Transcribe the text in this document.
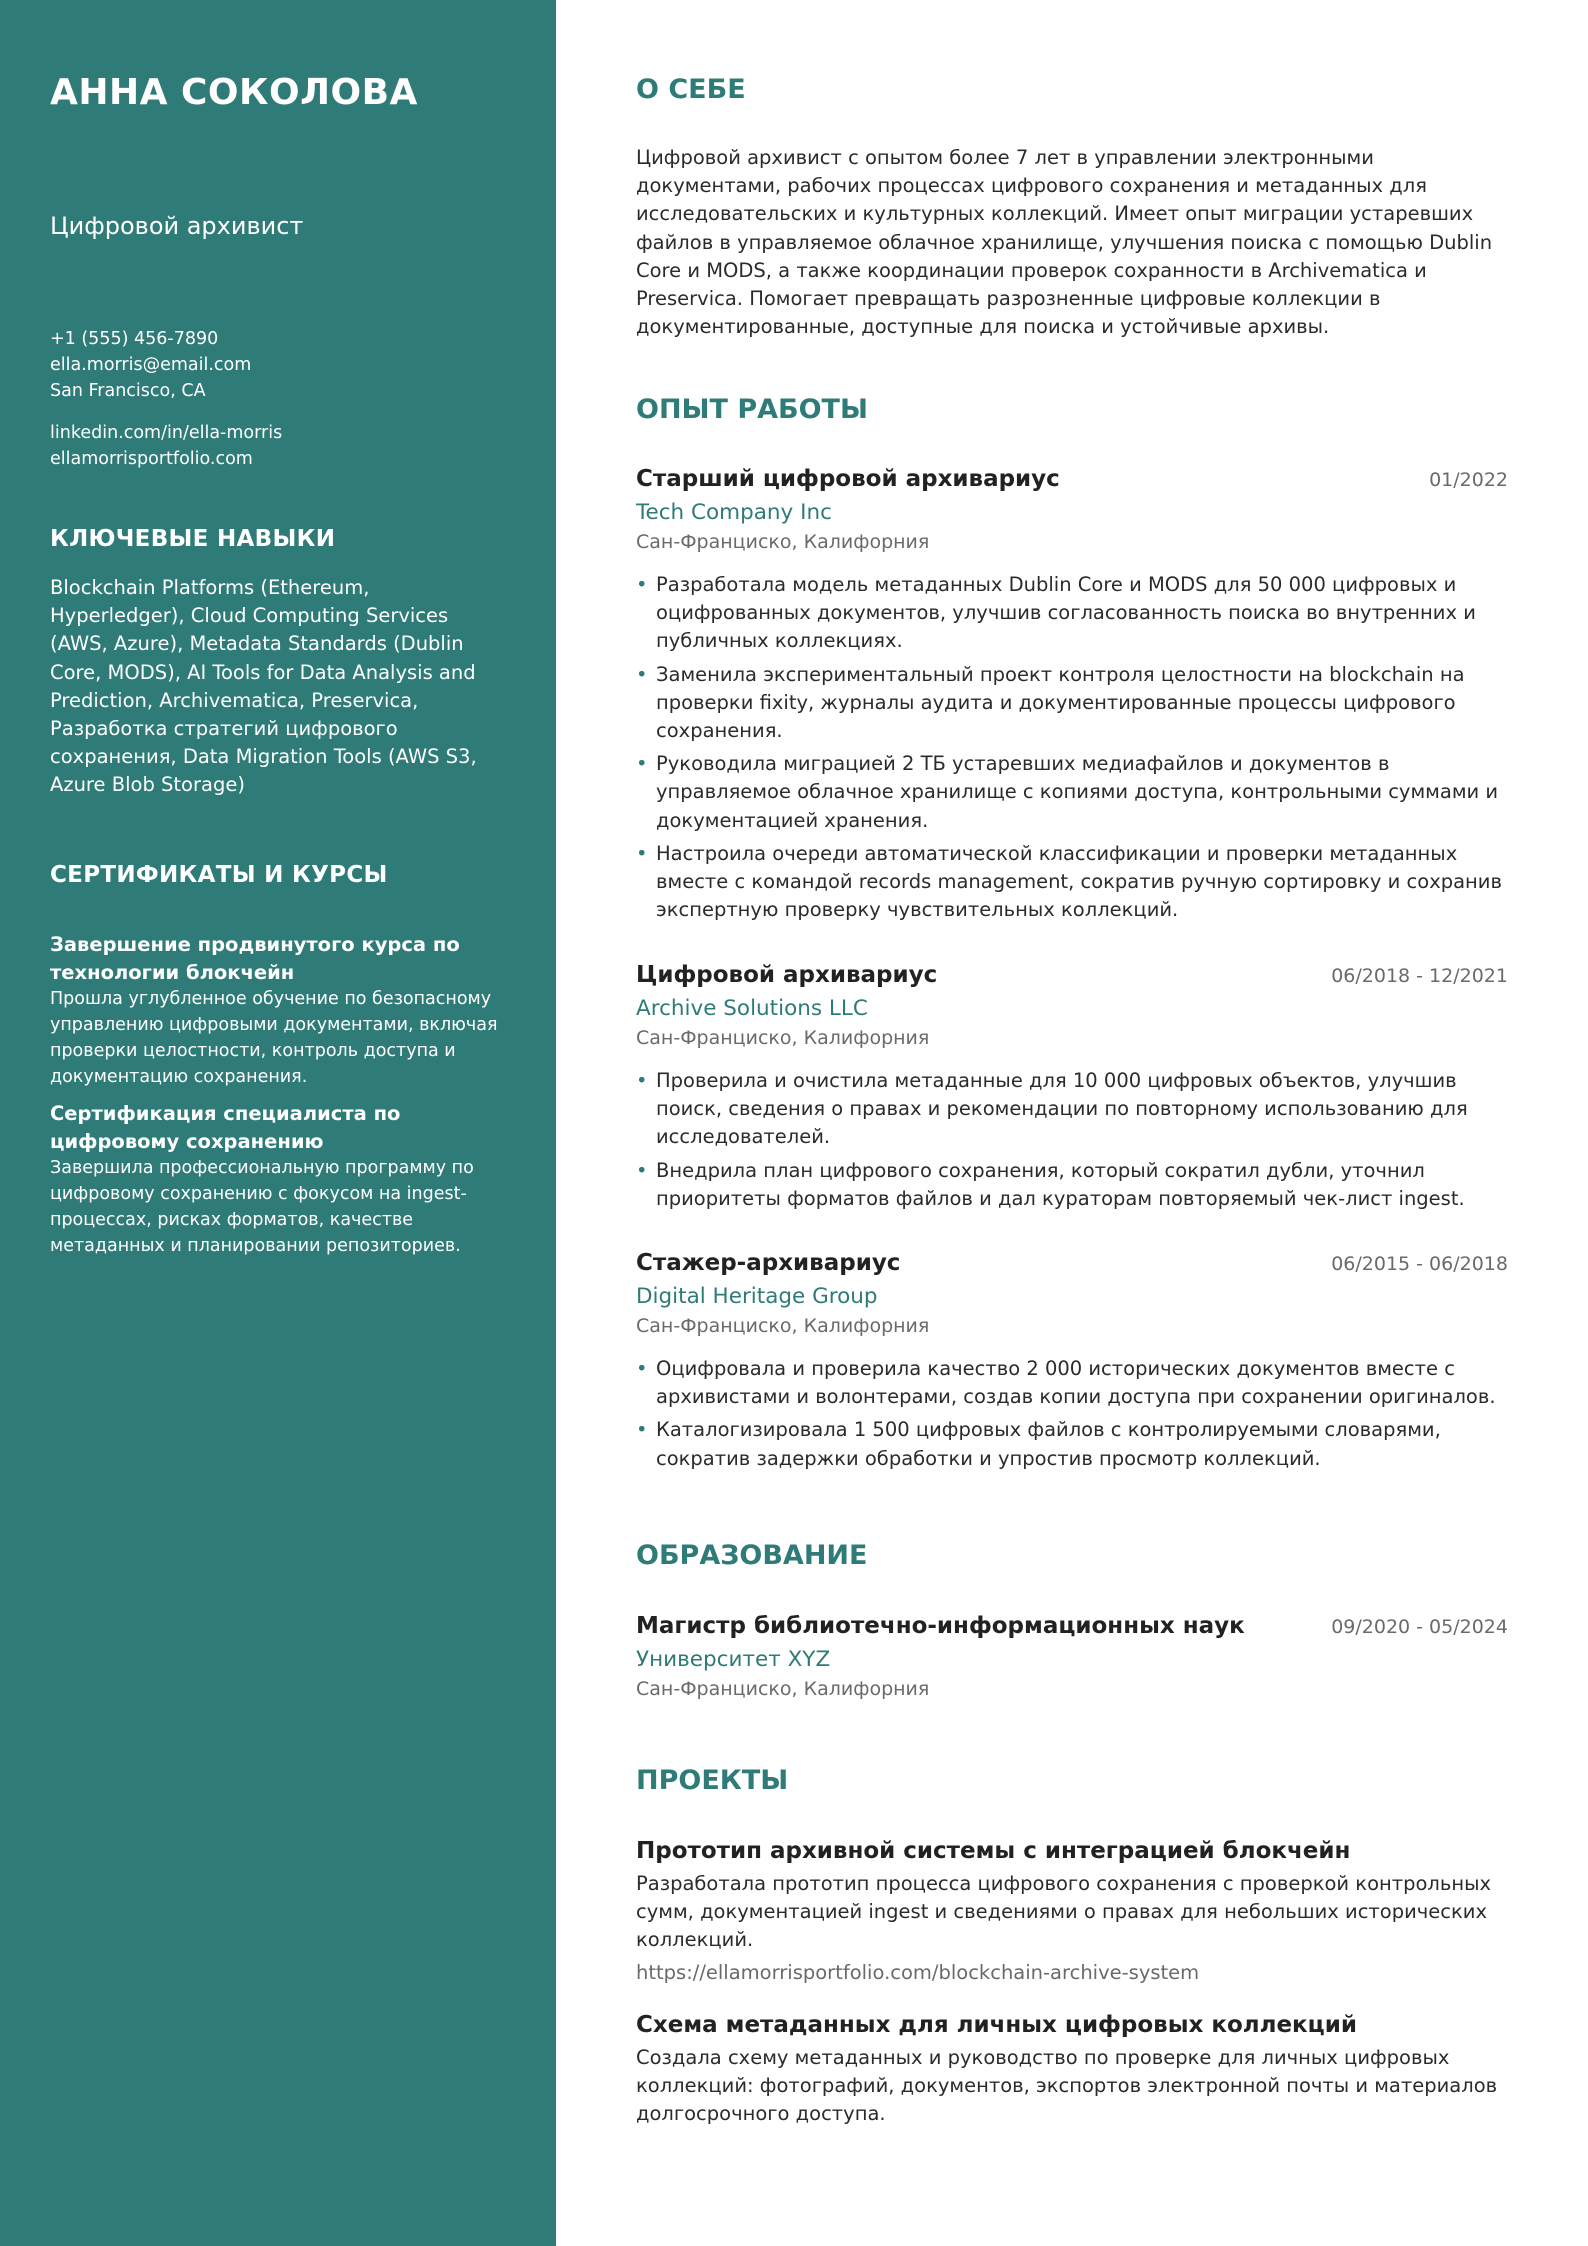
АННА СОКОЛОВА
Цифровой архивист
+1 (555) 456-7890
ella.morris@email.com
San Francisco, CA
linkedin.com/in/ella-morris
ellamorrisportfolio.com
КЛЮЧЕВЫЕ НАВЫКИ
Blockchain Platforms (Ethereum, Hyperledger), Cloud Computing Services (AWS, Azure), Metadata Standards (Dublin Core, MODS), AI Tools for Data Analysis and Prediction, Archivematica, Preservica, Разработка стратегий цифрового сохранения, Data Migration Tools (AWS S3, Azure Blob Storage)
СЕРТИФИКАТЫ И КУРСЫ
Завершение продвинутого курса по технологии блокчейн
Прошла углубленное обучение по безопасному управлению цифровыми документами, включая проверки целостности, контроль доступа и документацию сохранения.
Сертификация специалиста по цифровому сохранению
Завершила профессиональную программу по цифровому сохранению с фокусом на ingest-процессах, рисках форматов, качестве метаданных и планировании репозиториев.
О СЕБЕ
Цифровой архивист с опытом более 7 лет в управлении электронными документами, рабочих процессах цифрового сохранения и метаданных для исследовательских и культурных коллекций. Имеет опыт миграции устаревших файлов в управляемое облачное хранилище, улучшения поиска с помощью Dublin Core и MODS, а также координации проверок сохранности в Archivematica и Preservica. Помогает превращать разрозненные цифровые коллекции в документированные, доступные для поиска и устойчивые архивы.
ОПЫТ РАБОТЫ
Старший цифровой архивариус	01/2022
Tech Company Inc
Сан-Франциско, Калифорния
• Разработала модель метаданных Dublin Core и MODS для 50 000 цифровых и оцифрованных документов, улучшив согласованность поиска во внутренних и публичных коллекциях.
• Заменила экспериментальный проект контроля целостности на blockchain на проверки fixity, журналы аудита и документированные процессы цифрового сохранения.
• Руководила миграцией 2 ТБ устаревших медиафайлов и документов в управляемое облачное хранилище с копиями доступа, контрольными суммами и документацией хранения.
• Настроила очереди автоматической классификации и проверки метаданных вместе с командой records management, сократив ручную сортировку и сохранив экспертную проверку чувствительных коллекций.
Цифровой архивариус	06/2018 - 12/2021
Archive Solutions LLC
Сан-Франциско, Калифорния
• Проверила и очистила метаданные для 10 000 цифровых объектов, улучшив поиск, сведения о правах и рекомендации по повторному использованию для исследователей.
• Внедрила план цифрового сохранения, который сократил дубли, уточнил приоритеты форматов файлов и дал кураторам повторяемый чек-лист ingest.
Стажер-архивариус	06/2015 - 06/2018
Digital Heritage Group
Сан-Франциско, Калифорния
• Оцифровала и проверила качество 2 000 исторических документов вместе с архивистами и волонтерами, создав копии доступа при сохранении оригиналов.
• Каталогизировала 1 500 цифровых файлов с контролируемыми словарями, сократив задержки обработки и упростив просмотр коллекций.
ОБРАЗОВАНИЕ
Магистр библиотечно-информационных наук	09/2020 - 05/2024
Университет XYZ
Сан-Франциско, Калифорния
ПРОЕКТЫ
Прототип архивной системы с интеграцией блокчейн
Разработала прототип процесса цифрового сохранения с проверкой контрольных сумм, документацией ingest и сведениями о правах для небольших исторических коллекций.
https://ellamorrisportfolio.com/blockchain-archive-system
Схема метаданных для личных цифровых коллекций
Создала схему метаданных и руководство по проверке для личных цифровых коллекций: фотографий, документов, экспортов электронной почты и материалов долгосрочного доступа.
